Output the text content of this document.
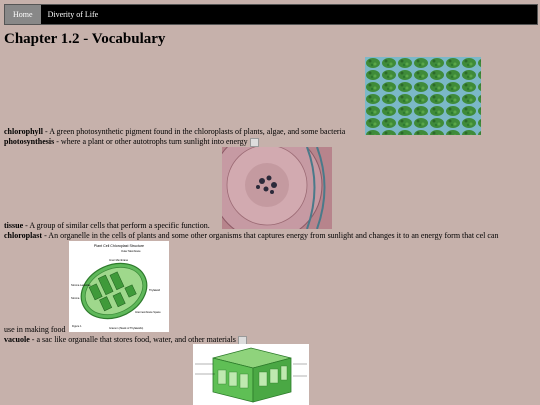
Home	Diverity of Life
Chapter 1.2 - Vocabulary
chlorophyll - A green photosynthetic pigment found in the chloroplasts of plants, algae, and some bacteria
photosynthesis - where a plant or other autotrophs turn sunlight into energy
tissue - A group of similar cells that perform a specific function.
chloroplast - An organelle in the cells of plants and some other organisms that captures energy from sunlight and changes it to an energy form that cel can
Plant Cell Chloroplast Structure
Outer Membrane
Inner Membrane
Stroma Lamellae
Stroma
Thylakoid
Intermembrane Space
Granum (Stack of Thylakoids)
Figure 1
use in making food
vacuole - a sac like organalle that stores food, water, and other materials
